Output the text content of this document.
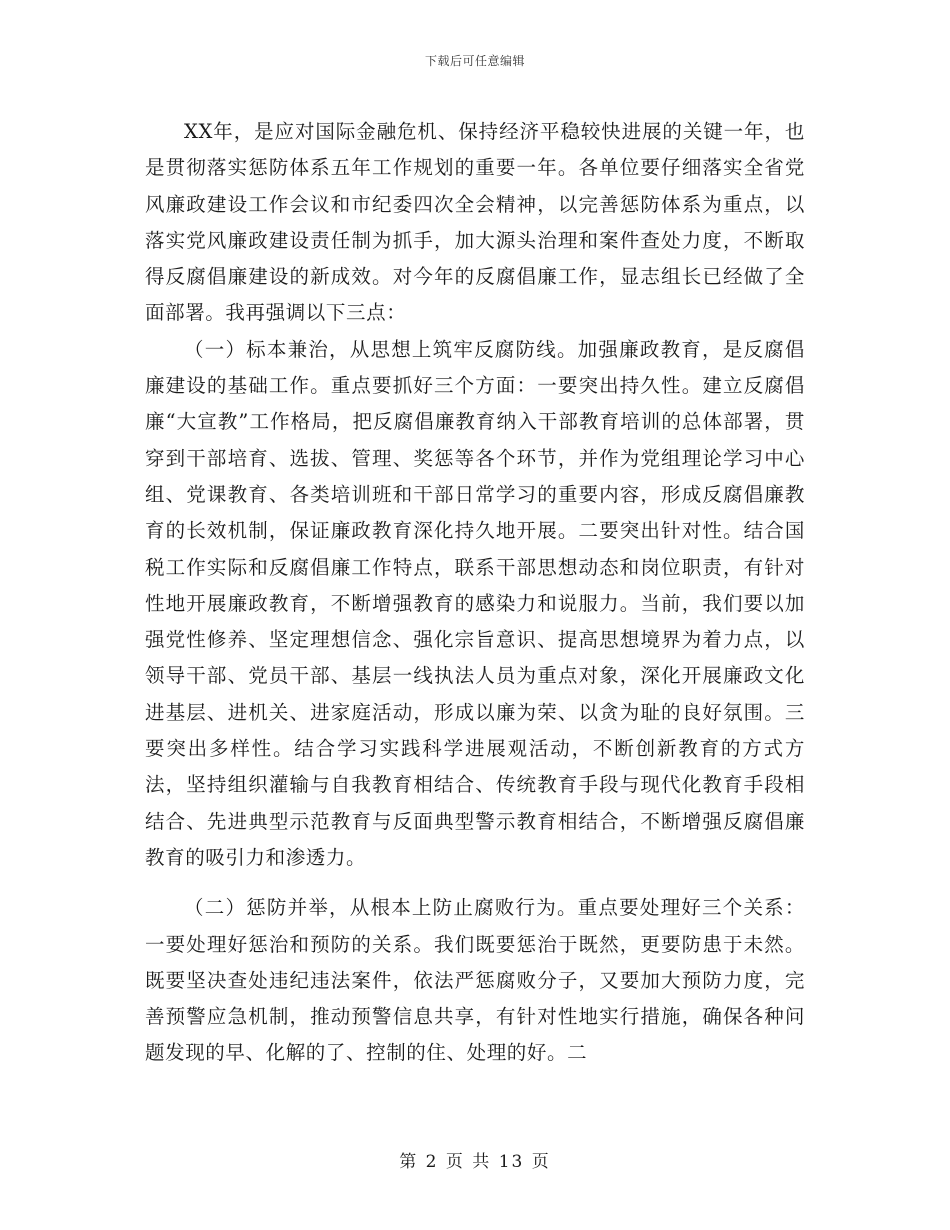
下载后可任意编辑

XX年，是应对国际金融危机、保持经济平稳较快进展的关键一年，也是贯彻落实惩防体系五年工作规划的重要一年。各单位要仔细落实全省党风廉政建设工作会议和市纪委四次全会精神，以完善惩防体系为重点，以落实党风廉政建设责任制为抓手，加大源头治理和案件查处力度，不断取得反腐倡廉建设的新成效。对今年的反腐倡廉工作，显志组长已经做了全面部署。我再强调以下三点：

（一）标本兼治，从思想上筑牢反腐防线。加强廉政教育，是反腐倡廉建设的基础工作。重点要抓好三个方面：一要突出持久性。建立反腐倡廉“大宣教”工作格局，把反腐倡廉教育纳入干部教育培训的总体部署，贯穿到干部培育、选拔、管理、奖惩等各个环节，并作为党组理论学习中心组、党课教育、各类培训班和干部日常学习的重要内容，形成反腐倡廉教育的长效机制，保证廉政教育深化持久地开展。二要突出针对性。结合国税工作实际和反腐倡廉工作特点，联系干部思想动态和岗位职责，有针对性地开展廉政教育，不断增强教育的感染力和说服力。当前，我们要以加强党性修养、坚定理想信念、强化宗旨意识、提高思想境界为着力点，以领导干部、党员干部、基层一线执法人员为重点对象，深化开展廉政文化进基层、进机关、进家庭活动，形成以廉为荣、以贪为耻的良好氛围。三要突出多样性。结合学习实践科学进展观活动，不断创新教育的方式方法，坚持组织灌输与自我教育相结合、传统教育手段与现代化教育手段相结合、先进典型示范教育与反面典型警示教育相结合，不断增强反腐倡廉教育的吸引力和渗透力。

（二）惩防并举，从根本上防止腐败行为。重点要处理好三个关系：一要处理好惩治和预防的关系。我们既要惩治于既然，更要防患于未然。既要坚决查处违纪违法案件，依法严惩腐败分子，又要加大预防力度，完善预警应急机制，推动预警信息共享，有针对性地实行措施，确保各种问题发现的早、化解的了、控制的住、处理的好。二

第 2 页 共 13 页
